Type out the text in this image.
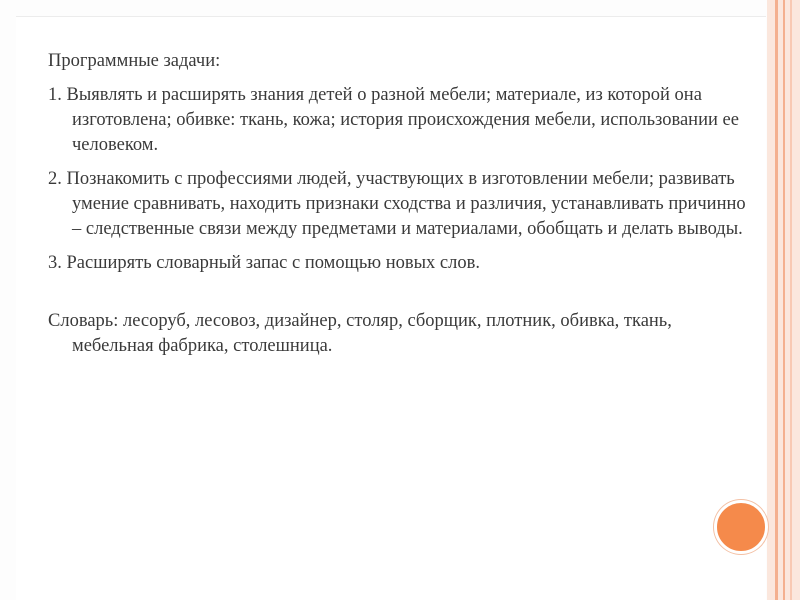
Программные задачи:

1. Выявлять и расширять знания детей о разной мебели; материале, из которой она изготовлена; обивке: ткань, кожа; история происхождения мебели, использовании ее человеком.

2. Познакомить с профессиями людей, участвующих в изготовлении мебели; развивать умение сравнивать, находить признаки сходства и различия, устанавливать причинно – следственные связи между предметами и материалами, обобщать и делать выводы.

3. Расширять словарный запас с помощью новых слов.

Словарь: лесоруб, лесовоз, дизайнер, столяр, сборщик, плотник, обивка, ткань, мебельная фабрика, столешница.
